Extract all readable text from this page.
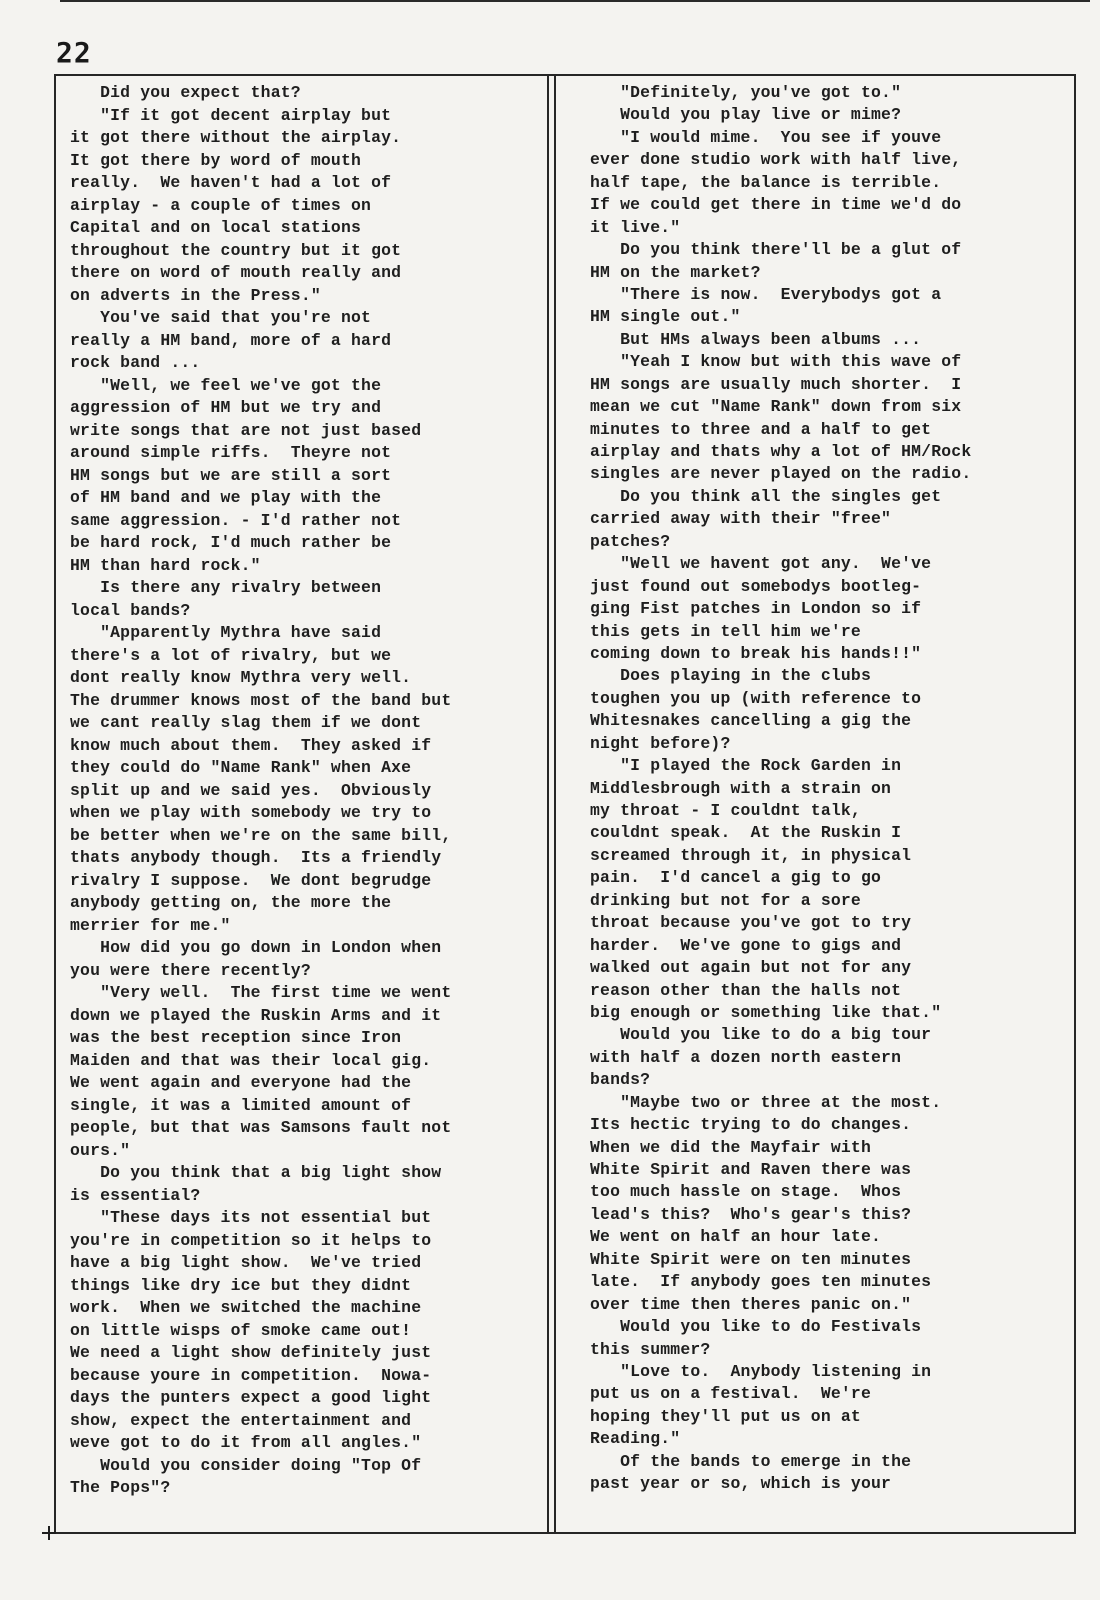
22
Did you expect that?
"If it got decent airplay but
it got there without the airplay.
It got there by word of mouth
really.  We haven't had a lot of
airplay - a couple of times on
Capital and on local stations
throughout the country but it got
there on word of mouth really and
on adverts in the Press."
You've said that you're not
really a HM band, more of a hard
rock band ...
"Well, we feel we've got the
aggression of HM but we try and
write songs that are not just based
around simple riffs.  Theyre not
HM songs but we are still a sort
of HM band and we play with the
same aggression. - I'd rather not
be hard rock, I'd much rather be
HM than hard rock."
Is there any rivalry between
local bands?
"Apparently Mythra have said
there's a lot of rivalry, but we
dont really know Mythra very well.
The drummer knows most of the band but
we cant really slag them if we dont
know much about them.  They asked if
they could do "Name Rank" when Axe
split up and we said yes.  Obviously
when we play with somebody we try to
be better when we're on the same bill,
thats anybody though.  Its a friendly
rivalry I suppose.  We dont begrudge
anybody getting on, the more the
merrier for me."
How did you go down in London when
you were there recently?
"Very well.  The first time we went
down we played the Ruskin Arms and it
was the best reception since Iron
Maiden and that was their local gig.
We went again and everyone had the
single, it was a limited amount of
people, but that was Samsons fault not
ours."
Do you think that a big light show
is essential?
"These days its not essential but
you're in competition so it helps to
have a big light show.  We've tried
things like dry ice but they didnt
work.  When we switched the machine
on little wisps of smoke came out!
We need a light show definitely just
because youre in competition.  Nowa-
days the punters expect a good light
show, expect the entertainment and
weve got to do it from all angles."
Would you consider doing "Top Of
The Pops"?
"Definitely, you've got to."
Would you play live or mime?
"I would mime.  You see if youve
ever done studio work with half live,
half tape, the balance is terrible.
If we could get there in time we'd do
it live."
Do you think there'll be a glut of
HM on the market?
"There is now.  Everybodys got a
HM single out."
But HMs always been albums ...
"Yeah I know but with this wave of
HM songs are usually much shorter.  I
mean we cut "Name Rank" down from six
minutes to three and a half to get
airplay and thats why a lot of HM/Rock
singles are never played on the radio.
Do you think all the singles get
carried away with their "free"
patches?
"Well we havent got any.  We've
just found out somebodys bootleg-
ging Fist patches in London so if
this gets in tell him we're
coming down to break his hands!!"
Does playing in the clubs
toughen you up (with reference to
Whitesnakes cancelling a gig the
night before)?
"I played the Rock Garden in
Middlesbrough with a strain on
my throat - I couldnt talk,
couldnt speak.  At the Ruskin I
screamed through it, in physical
pain.  I'd cancel a gig to go
drinking but not for a sore
throat because you've got to try
harder.  We've gone to gigs and
walked out again but not for any
reason other than the halls not
big enough or something like that."
Would you like to do a big tour
with half a dozen north eastern
bands?
"Maybe two or three at the most.
Its hectic trying to do changes.
When we did the Mayfair with
White Spirit and Raven there was
too much hassle on stage.  Whos
lead's this?  Who's gear's this?
We went on half an hour late.
White Spirit were on ten minutes
late.  If anybody goes ten minutes
over time then theres panic on."
Would you like to do Festivals
this summer?
"Love to.  Anybody listening in
put us on a festival.  We're
hoping they'll put us on at
Reading."
Of the bands to emerge in the
past year or so, which is your
